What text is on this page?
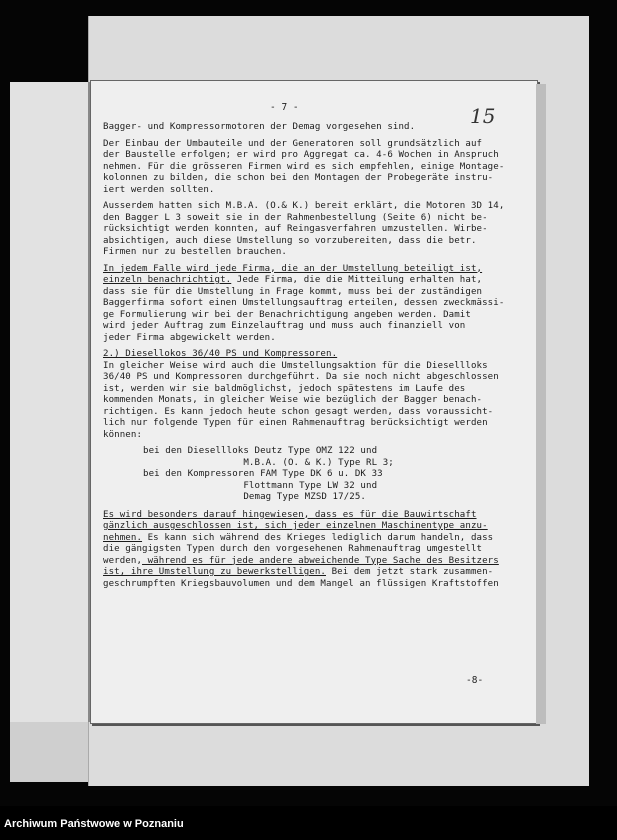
- 7 -	15

Bagger- und Kompressormotoren der Demag vorgesehen sind.

Der Einbau der Umbauteile und der Generatoren soll grundsätzlich auf
der Baustelle erfolgen; er wird pro Aggregat ca. 4-6 Wochen in Anspruch
nehmen. Für die grösseren Firmen wird es sich empfehlen, einige Montage-
kolonnen zu bilden, die schon bei den Montagen der Probegeräte instru-
iert werden sollten.

Ausserdem hatten sich M.B.A. (O.& K.) bereit erklärt, die Motoren 3D 14,
den Bagger L 3 soweit sie in der Rahmenbestellung (Seite 6) nicht be-
rücksichtigt werden konnten, auf Reingasverfahren umzustellen. Wirbe-
absichtigen, auch diese Umstellung so vorzubereiten, dass die betr.
Firmen nur zu bestellen brauchen.

In jedem Falle wird jede Firma, die an der Umstellung beteiligt ist,
einzeln benachrichtigt. Jede Firma, die die Mitteilung erhalten hat,
dass sie für die Umstellung in Frage kommt, muss bei der zuständigen
Baggerfirma sofort einen Umstellungsauftrag erteilen, dessen zweckmässi-
ge Formulierung wir bei der Benachrichtigung angeben werden. Damit
wird jeder Auftrag zum Einzelauftrag und muss auch finanziell von
jeder Firma abgewickelt werden.

2.) Diesellokos 36/40 PS und Kompressoren.

In gleicher Weise wird auch die Umstellungsaktion für die Diesellloks
36/40 PS und Kompressoren durchgeführt. Da sie noch nicht abgeschlossen
ist, werden wir sie baldmöglichst, jedoch spätestens im Laufe des
kommenden Monats, in gleicher Weise wie bezüglich der Bagger benach-
richtigen. Es kann jedoch heute schon gesagt werden, dass voraussicht-
lich nur folgende Typen für einen Rahmenauftrag berücksichtigt werden
können:

bei den Diesellloks Deutz Type OMZ 122 und
M.B.A. (O. & K.) Type RL 3;
bei den Kompressoren FAM Type DK 6 u. DK 33
Flottmann Type LW 32 und
Demag Type MZSD 17/25.

Es wird besonders darauf hingewiesen, dass es für die Bauwirtschaft
gänzlich ausgeschlossen ist, sich jeder einzelnen Maschinentype anzu-
nehmen. Es kann sich während des Krieges lediglich darum handeln, dass
die gängigsten Typen durch den vorgesehenen Rahmenauftrag umgestellt
werden, während es für jede andere abweichende Type Sache des Besitzers
ist, ihre Umstellung zu bewerkstelligen. Bei dem jetzt stark zusammen-
geschrumpften Kriegsbauvolumen und dem Mangel an flüssigen Kraftstoffen

-8-
Archiwum Państwowe w Poznaniu
